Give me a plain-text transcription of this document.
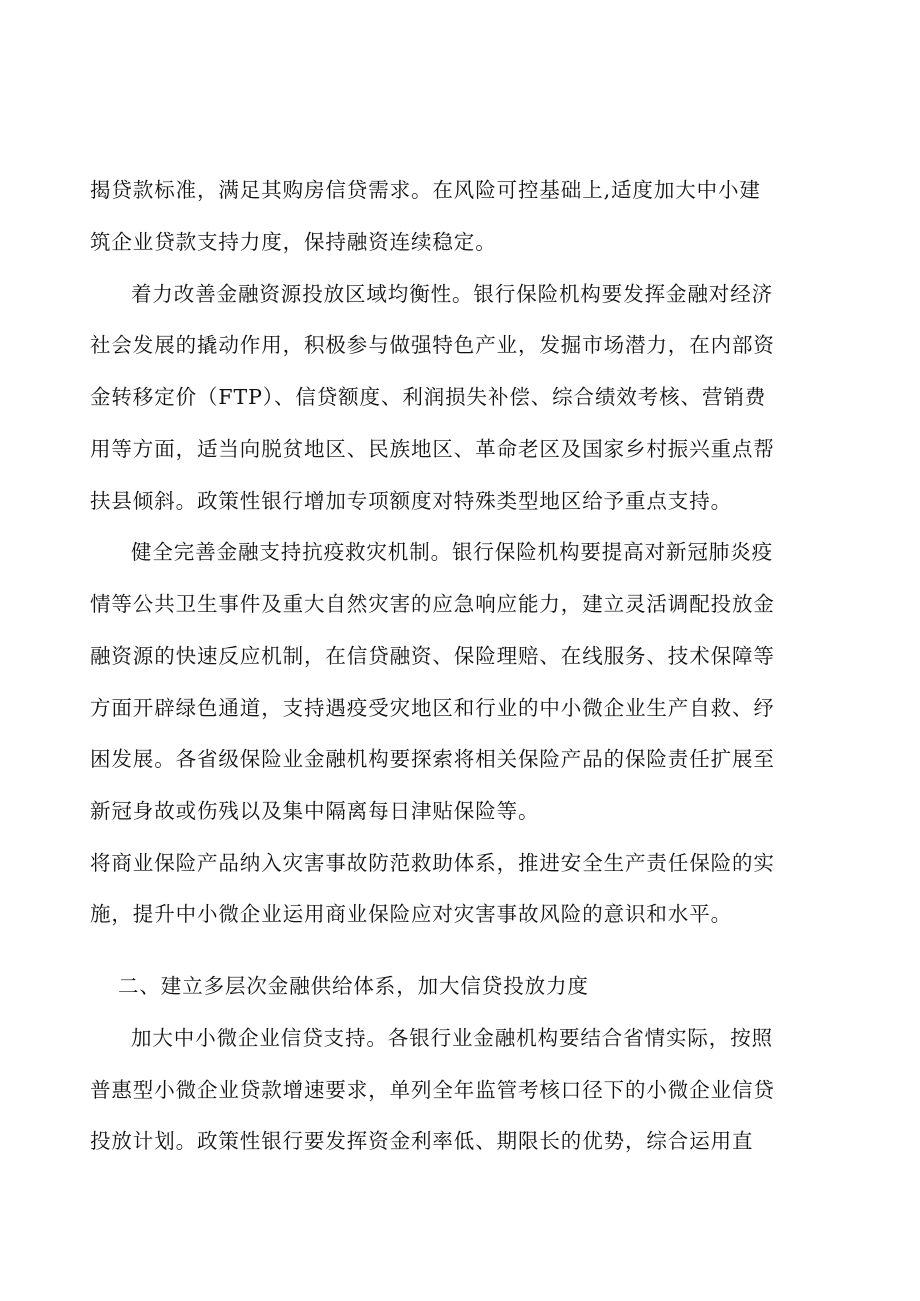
揭贷款标准，满足其购房信贷需求。在风险可控基础上,适度加大中小建
筑企业贷款支持力度，保持融资连续稳定。
着力改善金融资源投放区域均衡性。银行保险机构要发挥金融对经济
社会发展的撬动作用，积极参与做强特色产业，发掘市场潜力，在内部资
金转移定价（FTP）、信贷额度、利润损失补偿、综合绩效考核、营销费
用等方面，适当向脱贫地区、民族地区、革命老区及国家乡村振兴重点帮
扶县倾斜。政策性银行增加专项额度对特殊类型地区给予重点支持。
健全完善金融支持抗疫救灾机制。银行保险机构要提高对新冠肺炎疫
情等公共卫生事件及重大自然灾害的应急响应能力，建立灵活调配投放金
融资源的快速反应机制，在信贷融资、保险理赔、在线服务、技术保障等
方面开辟绿色通道，支持遇疫受灾地区和行业的中小微企业生产自救、纾
困发展。各省级保险业金融机构要探索将相关保险产品的保险责任扩展至
新冠身故或伤残以及集中隔离每日津贴保险等。
将商业保险产品纳入灾害事故防范救助体系，推进安全生产责任保险的实
施，提升中小微企业运用商业保险应对灾害事故风险的意识和水平。
二、建立多层次金融供给体系，加大信贷投放力度
加大中小微企业信贷支持。各银行业金融机构要结合省情实际，按照
普惠型小微企业贷款增速要求，单列全年监管考核口径下的小微企业信贷
投放计划。政策性银行要发挥资金利率低、期限长的优势，综合运用直
